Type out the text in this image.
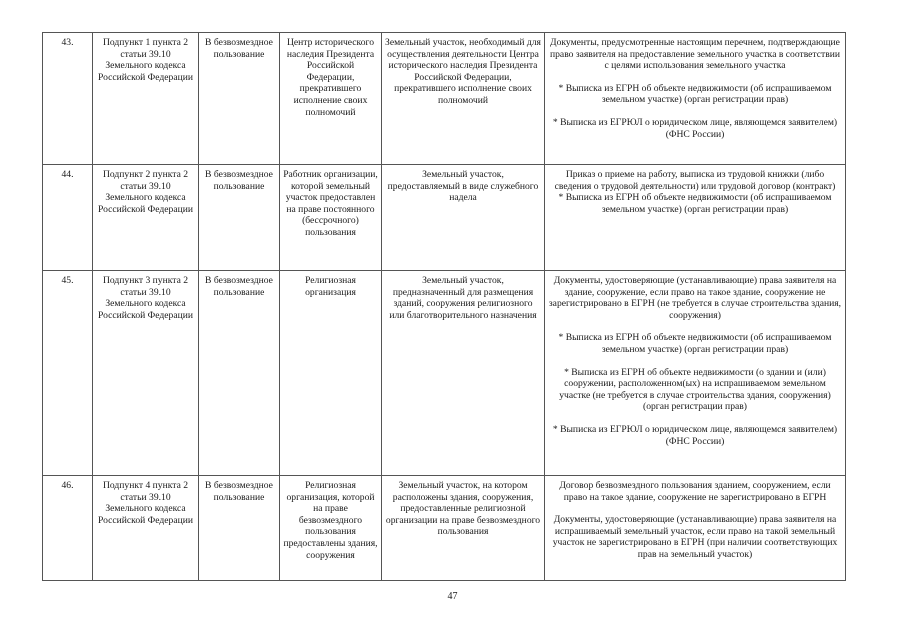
43.	Подпункт 1 пункта 2 статьи 39.10 Земельного кодекса Российской Федерации	В безвозмездное пользование	Центр исторического наследия Президента Российской Федерации, прекратившего исполнение своих полномочий	Земельный участок, необходимый для осуществления деятельности Центра исторического наследия Президента Российской Федерации, прекратившего исполнение своих полномочий	Документы, предусмотренные настоящим перечнем, подтверждающие право заявителя на предоставление земельного участка в соответствии с целями использования земельного участка
* Выписка из ЕГРН об объекте недвижимости (об испрашиваемом земельном участке) (орган регистрации прав)
* Выписка из ЕГРЮЛ о юридическом лице, являющемся заявителем) (ФНС России)

44.	Подпункт 2 пункта 2 статьи 39.10 Земельного кодекса Российской Федерации	В безвозмездное пользование	Работник организации, которой земельный участок предоставлен на праве постоянного (бессрочного) пользования	Земельный участок, предоставляемый в виде служебного надела	Приказ о приеме на работу, выписка из трудовой книжки (либо сведения о трудовой деятельности) или трудовой договор (контракт)
* Выписка из ЕГРН об объекте недвижимости (об испрашиваемом земельном участке) (орган регистрации прав)

45.	Подпункт 3 пункта 2 статьи 39.10 Земельного кодекса Российской Федерации	В безвозмездное пользование	Религиозная организация	Земельный участок, предназначенный для размещения зданий, сооружения религиозного или благотворительного назначения	Документы, удостоверяющие (устанавливающие) права заявителя на здание, сооружение, если право на такое здание, сооружение не зарегистрировано в ЕГРН (не требуется в случае строительства здания, сооружения)
* Выписка из ЕГРН об объекте недвижимости (об испрашиваемом земельном участке) (орган регистрации прав)
* Выписка из ЕГРН об объекте недвижимости (о здании и (или) сооружении, расположенном(ых) на испрашиваемом земельном участке (не требуется в случае строительства здания, сооружения) (орган регистрации прав)
* Выписка из ЕГРЮЛ о юридическом лице, являющемся заявителем) (ФНС России)

46.	Подпункт 4 пункта 2 статьи 39.10 Земельного кодекса Российской Федерации	В безвозмездное пользование	Религиозная организация, которой на праве безвозмездного пользования предоставлены здания, сооружения	Земельный участок, на котором расположены здания, сооружения, предоставленные религиозной организации на праве безвозмездного пользования	Договор безвозмездного пользования зданием, сооружением, если право на такое здание, сооружение не зарегистрировано в ЕГРН
Документы, удостоверяющие (устанавливающие) права заявителя на испрашиваемый земельный участок, если право на такой земельный участок не зарегистрировано в ЕГРН (при наличии соответствующих прав на земельный участок)
47
